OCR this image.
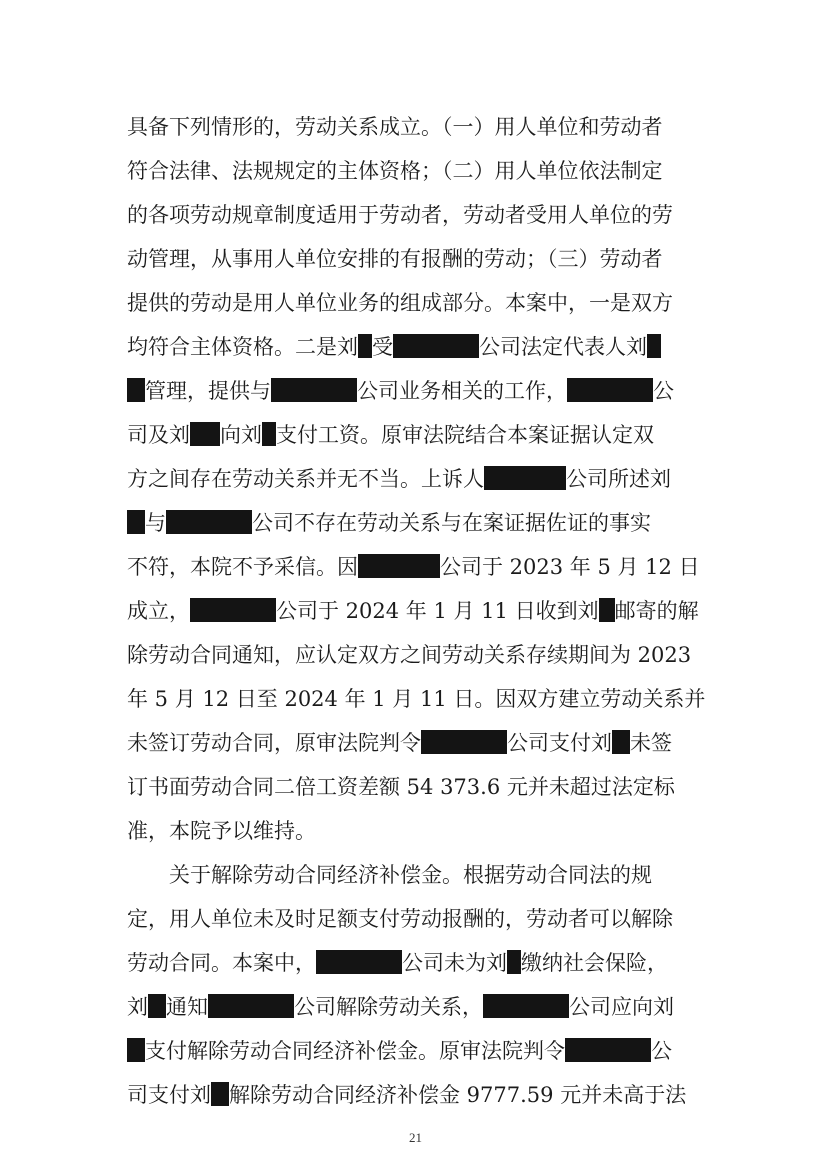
具备下列情形的，劳动关系成立。（一）用人单位和劳动者
符合法律、法规规定的主体资格；（二）用人单位依法制定
的各项劳动规章制度适用于劳动者，劳动者受用人单位的劳
动管理，从事用人单位安排的有报酬的劳动；（三）劳动者
提供的劳动是用人单位业务的组成部分。本案中，一是双方
均符合主体资格。二是刘 受	公司法定代表人刘
管理，提供与	公司业务相关的工作，	公
司及刘 向刘 支付工资。原审法院结合本案证据认定双
方之间存在劳动关系并无不当。上诉人	公司所述刘
与	公司不存在劳动关系与在案证据佐证的事实
不符，本院不予采信。因	公司于 2023 年 5 月 12 日
成立，	公司于 2024 年 1 月 11 日收到刘 邮寄的解
除劳动合同通知，应认定双方之间劳动关系存续期间为 2023
年 5 月 12 日至 2024 年 1 月 11 日。因双方建立劳动关系并
未签订劳动合同，原审法院判令	公司支付刘 未签
订书面劳动合同二倍工资差额 54 373.6 元并未超过法定标
准，本院予以维持。
关于解除劳动合同经济补偿金。根据劳动合同法的规
定，用人单位未及时足额支付劳动报酬的，劳动者可以解除
劳动合同。本案中，	公司未为刘 缴纳社会保险，
刘 通知	公司解除劳动关系，	公司应向刘
支付解除劳动合同经济补偿金。原审法院判令	公
司支付刘 解除劳动合同经济补偿金 9777.59 元并未高于法
21
